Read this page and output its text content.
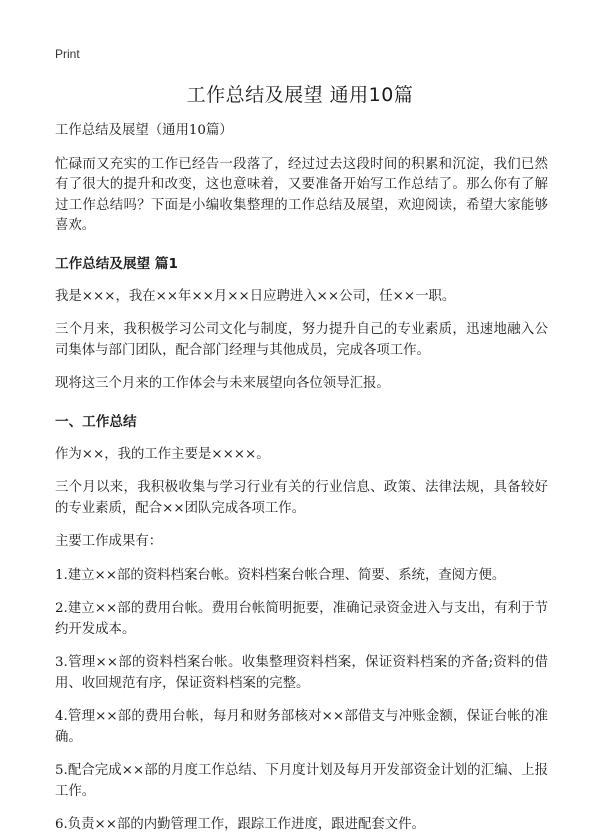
Print
工作总结及展望 通用10篇

工作总结及展望（通用10篇）

忙碌而又充实的工作已经告一段落了，经过过去这段时间的积累和沉淀，我们已然有了很大的提升和改变，这也意味着，又要准备开始写工作总结了。那么你有了解过工作总结吗？下面是小编收集整理的工作总结及展望，欢迎阅读，希望大家能够喜欢。

工作总结及展望 篇1

我是×××，我在××年××月××日应聘进入××公司，任××一职。

三个月来，我积极学习公司文化与制度，努力提升自己的专业素质，迅速地融入公司集体与部门团队，配合部门经理与其他成员，完成各项工作。

现将这三个月来的工作体会与未来展望向各位领导汇报。

一、工作总结

作为××，我的工作主要是××××。

三个月以来，我积极收集与学习行业有关的行业信息、政策、法律法规，具备较好的专业素质，配合××团队完成各项工作。

主要工作成果有：

1.建立××部的资料档案台帐。资料档案台帐合理、简要、系统，查阅方便。

2.建立××部的费用台帐。费用台帐简明扼要，准确记录资金进入与支出，有利于节约开发成本。

3.管理××部的资料档案台帐。收集整理资料档案，保证资料档案的齐备;资料的借用、收回规范有序，保证资料档案的完整。

4.管理××部的费用台帐，每月和财务部核对××部借支与冲账金额，保证台帐的准确。

5.配合完成××部的月度工作总结、下月度计划及每月开发部资金计划的汇编、上报工作。

6.负责××部的内勤管理工作，跟踪工作进度，跟进配套文件。
